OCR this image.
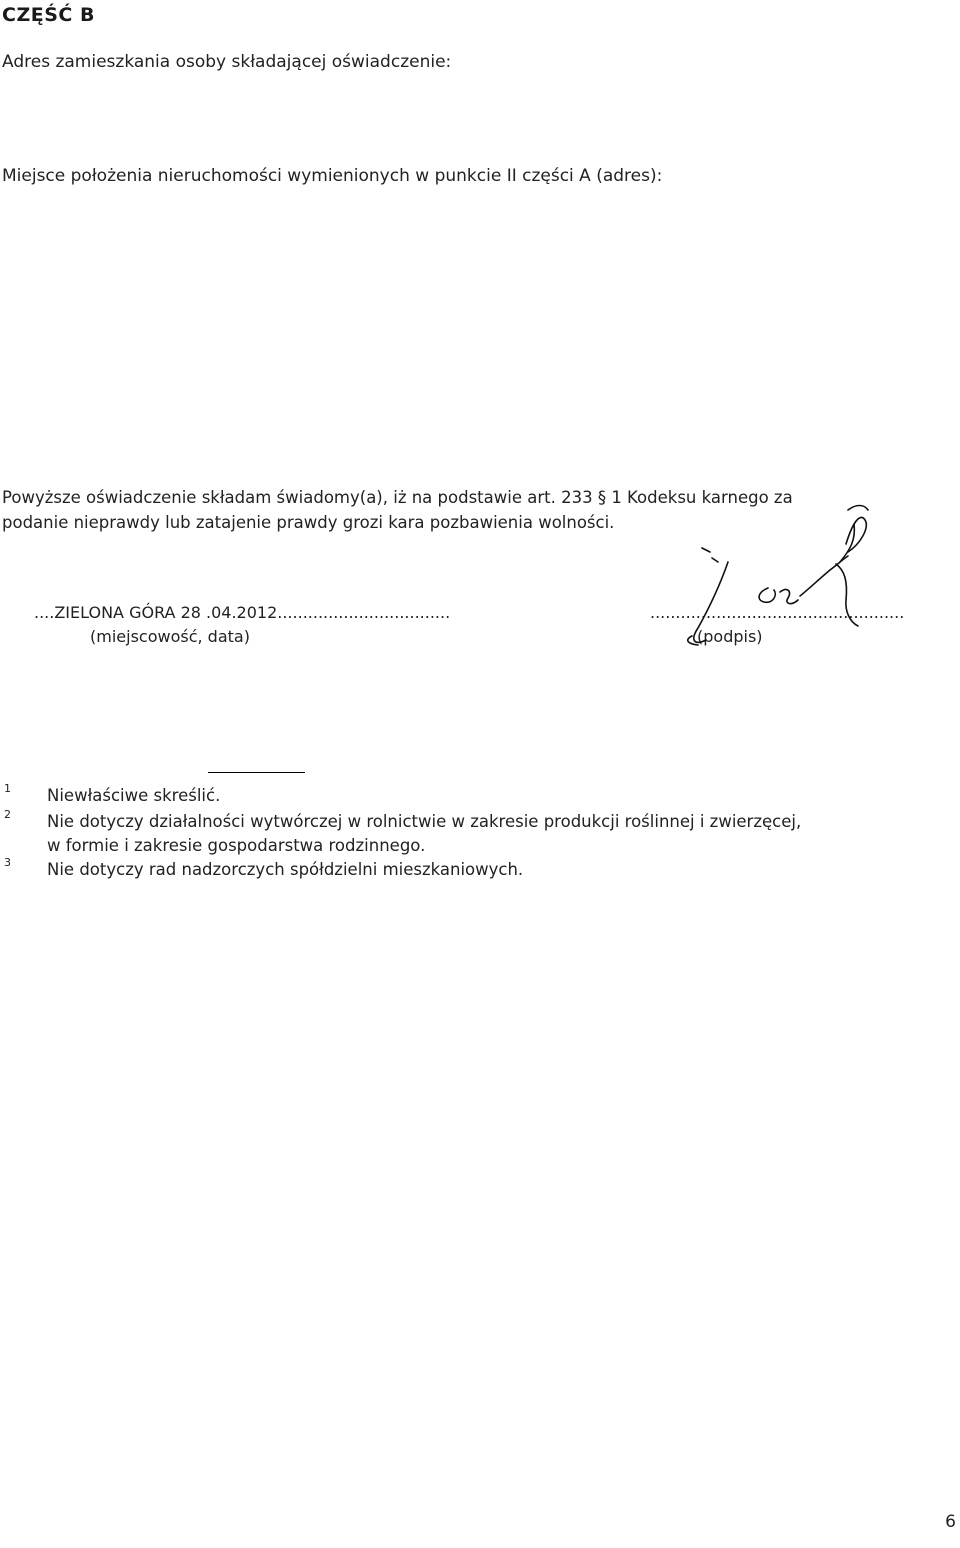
CZĘŚĆ B
Adres zamieszkania osoby składającej oświadczenie:
Miejsce położenia nieruchomości wymienionych w punkcie II części A (adres):
Powyższe oświadczenie składam świadomy(a), iż na podstawie art. 233 § 1 Kodeksu karnego za
podanie nieprawdy lub zatajenie prawdy grozi kara pozbawienia wolności.
....ZIELONA GÓRA 28 .04.2012..................................
(miejscowość, data)
..................................................
(podpis)
1 Niewłaściwe skreślić.
2 Nie dotyczy działalności wytwórczej w rolnictwie w zakresie produkcji roślinnej i zwierzęcej,
w formie i zakresie gospodarstwa rodzinnego.
3 Nie dotyczy rad nadzorczych spółdzielni mieszkaniowych.
6
